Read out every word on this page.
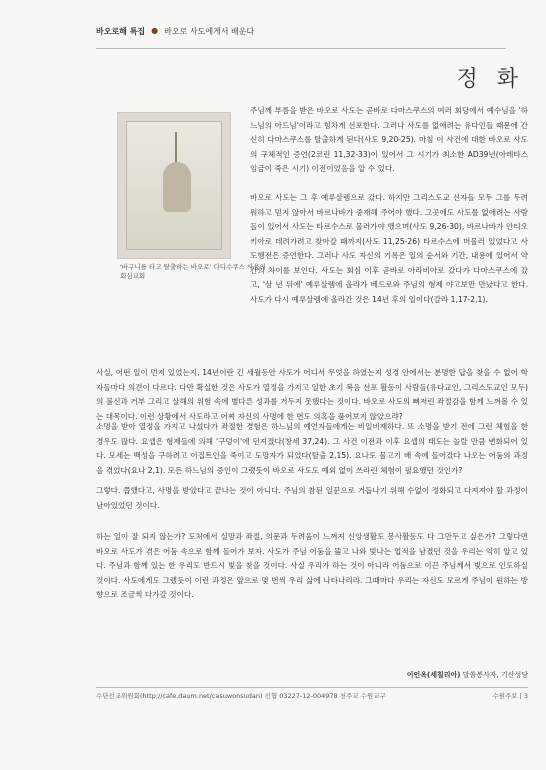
바오로해 특집 ● 바오로 사도에게서 배운다
정 화
'바구니를 타고 탈출하는 바오로' 다디수쿠스 사울의 회심교회
주님께 부름을 받은 바오로 사도는 곧바로 다마스쿠스의 여러 회당에서 예수님을 '하느님의 아드님'이라고 힘차게 선포한다. 그러나 사도를 없애려는 유다인들 때문에 간신히 다마스쿠스를 탈출하게 된다(사도 9,20-25). 마침 이 사건에 대한 바오로 사도의 구체적인 증언(2코린 11,32-33)이 있어서 그 시기가 최소한 AD39년(아레타스 임금이 죽은 시기) 이전이었음을 알 수 있다.
바오로 사도는 그 후 예루살렘으로 갔다. 하지만 그리스도교 신자들 모두 그를 두려워하고 믿지 않아서 바르나바가 중재해 주어야 했다. 그곳에도 사도를 없애려는 사람들이 있어서 사도는 타르수스로 물러가야 했으며(사도 9,26-30), 바르나바가 안티오키아로 데려가려고 찾아갈 때까지(사도 11,25-26) 타르수스에 머물러 있었다고 사도행전은 증언한다. 그러나 사도 자신의 기록은 일의 순서와 기간, 내용에 있어서 약간의 차이를 보인다. 사도는 회심 이후 곧바로 아라비아로 갔다가 다마스쿠스에 갔고, '삼 년 뒤에' 예루살렘에 올라가 베드로와 주님의 형제 야고보만 만났다고 한다. 사도가 다시 예루살렘에 올라간 것은 14년 후의 일이다(갈라 1,17-2,1).
사실, 어떤 일이 먼저 있었는지, 14년이란 긴 세월동안 사도가 어디서 무엇을 하였는지 성경 안에서는 분명한 답을 찾을 수 없어 학자들마다 의견이 다르다. 다만 확실한 것은 사도가 열정을 가지고 일한 초기 복음 선포 활동이 사람들(유다교인, 그리스도교인 모두)의 불신과 거부 그리고 살해의 위험 속에 별다른 성과를 거두지 못했다는 것이다. 바오로 사도의 뼈저린 좌절감을 함께 느껴볼 수 있는 대목이다. 이런 상황에서 사도라고 어찌 자신의 사명에 한 번도 의혹을 품어보지 않았으랴?
소명을 받아 열정을 가지고 나섰다가 좌절한 경험은 하느님의 예언자들에게는 비일비재하다. 또 소명을 받기 전에 그런 체험을 한 경우도 많다. 요셉은 형제들에 의해 '구덩이'에 던져졌다(창세 37,24). 그 사건 이전과 이후 요셉의 태도는 놀랄 만큼 변화되어 있다. 모세는 백성을 구하려고 이집트인을 죽이고 도망자가 되었다(탈출 2,15). 요나도 물고기 배 속에 들어갔다 나오는 어둠의 과정을 겪었다(요나 2,1). 모든 하느님의 증인이 그랬듯이 바오로 사도도 예외 없이 쓰라린 체험이 필요했던 것인가?
그렇다. 쯥했다고, 사명을 받았다고 끝나는 것이 아니다. 주님의 참된 일꾼으로 거듭나기 위해 수없이 정화되고 다져져야 할 과정이 남아있었던 것이다.
하는 일이 잘 되지 않는가? 도처에서 실망과 좌절, 의문과 두려움이 느껴져 신앙생활도 봉사활동도 다 그만두고 싶은가? 그렇다면 바오로 사도가 겪은 어둠 속으로 함께 들어가 보자. 사도가 주님 어둠을 뚫고 나와 빛나는 업적을 남겼던 것을 우리는 익히 알고 있다. 주님과 함께 있는 한 우리도 반드시 빛을 찾을 것이다. 사실 우리가 하는 것이 아니라 어둠으로 이끈 주님께서 빛으로 인도하실 것이다. 사도에게도 그랬듯이 이런 과정은 앞으로 몇 번씩 우리 삶에 나타나리라. 그때마다 우리는 자신도 모르게 주님이 원하는 방향으로 조금씩 다가갈 것이다.
이인옥(세칠리아) 말씀봉사자, 기산성당
수단선교위원회(http://cafe.daum.net/casuwonsudan) 신협 03227-12-004978 천주교 수원교구	수원주보 | 3
